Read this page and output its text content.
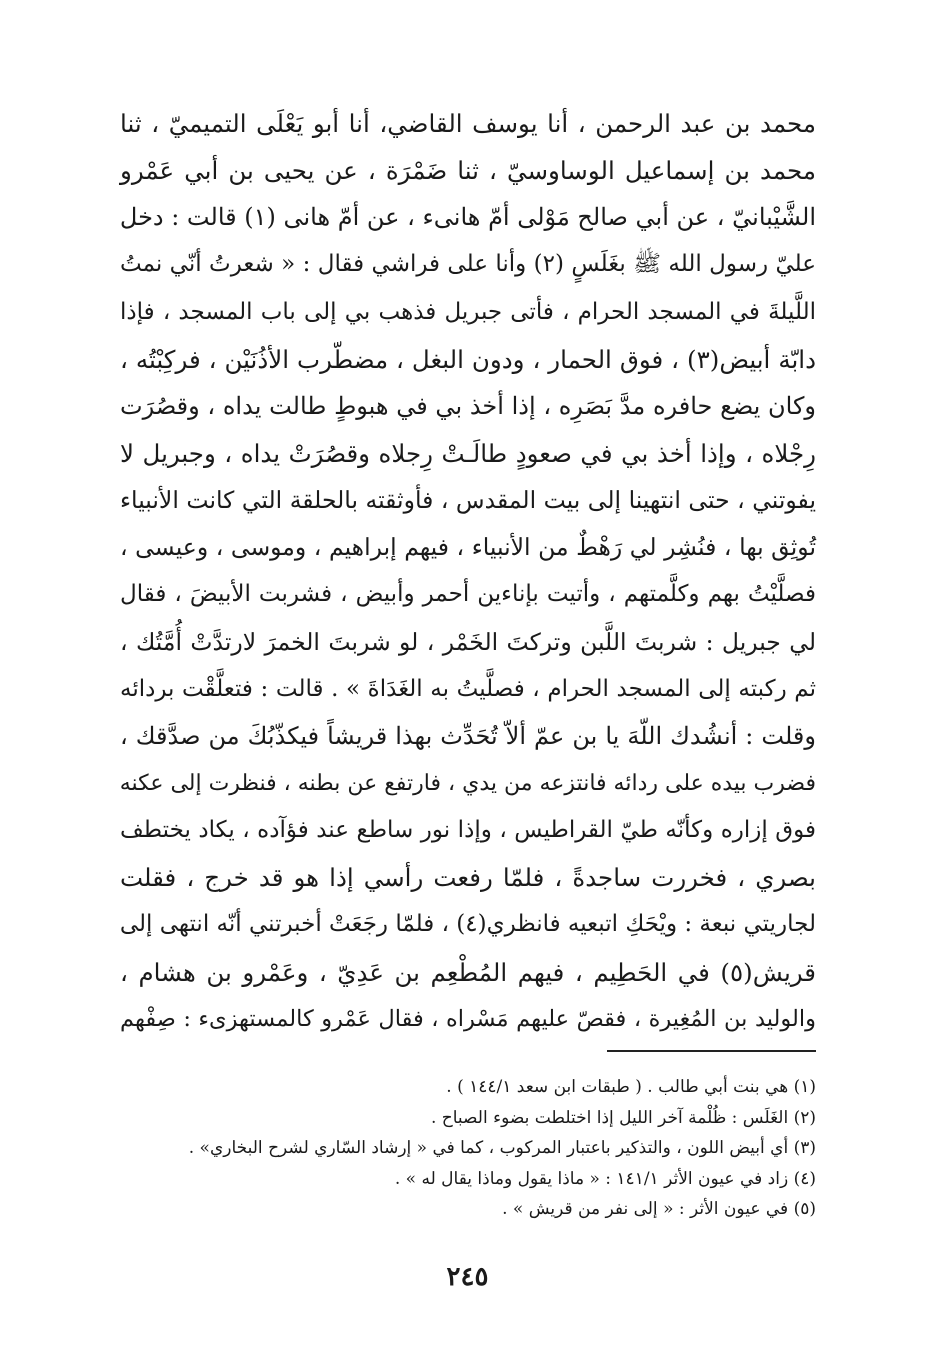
محمد بن عبد الرحمن ، أنا يوسف القاضي، أنا أبو يَعْلَى التميميّ ، ثنا
محمد بن إسماعيل الوساوسيّ ، ثنا ضَمْرَة ، عن يحيى بن أبي عَمْرو
الشَّيْبانيّ ، عن أبي صالح مَوْلى أمّ هانىء ، عن أمّ هانى (١) قالت : دخل
عليّ رسول الله ﷺ بغَلَسٍ (٢) وأنا على فراشي فقال : « شعرتُ أنّي نمتُ
اللَّيلةَ في المسجد الحرام ، فأتى جبريل فذهب بي إلى باب المسجد ، فإذا
دابّة أبيض(٣) ، فوق الحمار ، ودون البغل ، مضطّرب الأذُنَيْن ، فركِبْتُه ،
وكان يضع حافره مدَّ بَصَرِه ، إذا أخذ بي في هبوطٍ طالت يداه ، وقصُرَت
رِجْلاه ، وإذا أخذ بي في صعودٍ طالَـتْ رِجلاه وقصُرَتْ يداه ، وجبريل لا
يفوتني ، حتى انتهينا إلى بيت المقدس ، فأوثقته بالحلقة التي كانت الأنبياء
تُوثِق بها ، فنُشِر لي رَهْطٌ من الأنبياء ، فيهم إبراهيم ، وموسى ، وعيسى ،
فصلَّيْتُ بهم وكلَّمتهم ، وأتيت بإناءين أحمر وأبيض ، فشربت الأبيضَ ، فقال
لي جبريل : شربتَ اللَّبن وتركتَ الخَمْر ، لو شربتَ الخمرَ لارتدَّتْ أُمَّتُك ،
ثم ركبته إلى المسجد الحرام ، فصلَّيتُ به الغَدَاةَ » . قالت : فتعلَّقْت بردائه
وقلت : أنشُدك اللّهَ يا بن عمّ ألاّ تُحَدِّث بهذا قريشاً فيكذّبُكَ من صدَّقك ،
فضرب بيده على ردائه فانتزعه من يدي ، فارتفع عن بطنه ، فنظرت إلى عكنه
فوق إزاره وكأنّه طيّ القراطيس ، وإذا نور ساطع عند فؤآده ، يكاد يختطف
بصري ، فخررت ساجدةً ، فلمّا رفعت رأسي إذا هو قد خرج ، فقلت
لجاريتي نبعة : ويْحَكِ اتبعيه فانظري(٤) ، فلمّا رجَعَتْ أخبرتني أنّه انتهى إلى
قريش(٥) في الحَطِيم ، فيهم المُطْعِم بن عَدِيّ ، وعَمْرو بن هشام ،
والوليد بن المُغِيرة ، فقصّ عليهم مَسْراه ، فقال عَمْرو كالمستهزىء : صِفْهم
(١) هي بنت أبي طالب . ( طبقات ابن سعد ١٤٤/١ ) .
(٢) الغَلَس : ظُلْمة آخر الليل إذا اختلطت بضوء الصباح .
(٣) أي أبيض اللون ، والتذكير باعتبار المركوب ، كما في « إرشاد السّاري لشرح البخاري» .
(٤) زاد في عيون الأثر ١٤١/١ : « ماذا يقول وماذا يقال له » .
(٥) في عيون الأثر : « إلى نفر من قريش » .
٢٤٥
